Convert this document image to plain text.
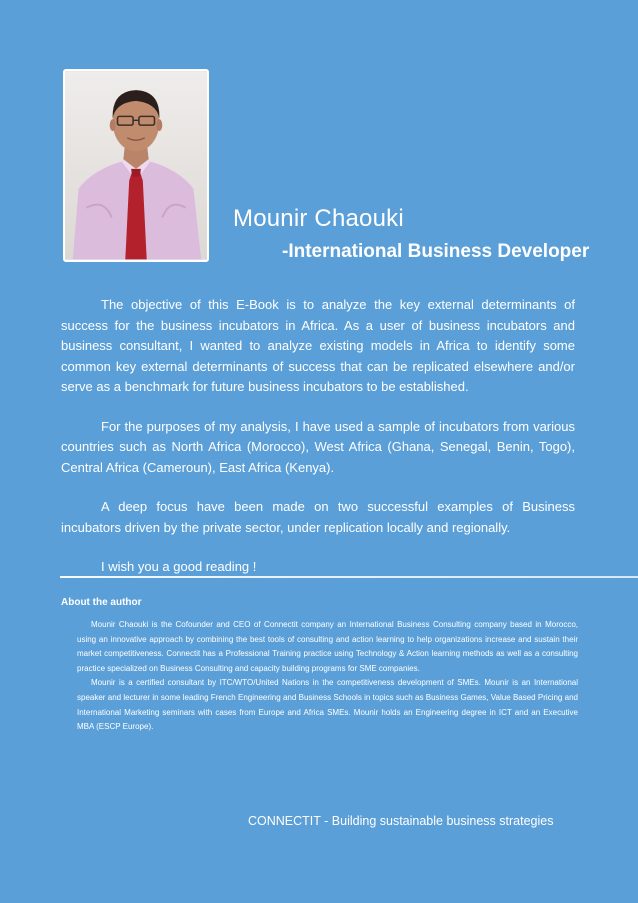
Mounir Chaouki
-International Business Developer

The objective of this E-Book is to analyze the key external determinants of success for the business incubators in Africa. As a user of business incubators and business consultant, I wanted to analyze existing models in Africa to identify some common key external determinants of success that can be replicated elsewhere and/or serve as a benchmark for future business incubators to be established.

For the purposes of my analysis, I have used a sample of incubators from various countries such as North Africa (Morocco), West Africa (Ghana, Senegal, Benin, Togo), Central Africa (Cameroun), East Africa (Kenya).

A deep focus have been made on two successful examples of Business incubators driven by the private sector, under replication locally and regionally.

I wish you a good reading !

About the author

Mounir Chaouki is the Cofounder and CEO of Connectit company an International Business Consulting company based in Morocco, using an innovative approach by combining the best tools of consulting and action learning to help organizations increase and sustain their market competitiveness. Connectit has a Professional Training practice using Technology & Action learning methods as well as a consulting practice specialized on Business Consulting and capacity building programs for SME companies.

Mounir is a certified consultant by ITC/WTO/United Nations in the competitiveness development of SMEs. Mounir is an International speaker and lecturer in some leading French Engineering and Business Schools in topics such as Business Games, Value Based Pricing and International Marketing seminars with cases from Europe and Africa SMEs. Mounir holds an Engineering degree in ICT and an Executive MBA (ESCP Europe).

CONNECTIT - Building sustainable business strategies
